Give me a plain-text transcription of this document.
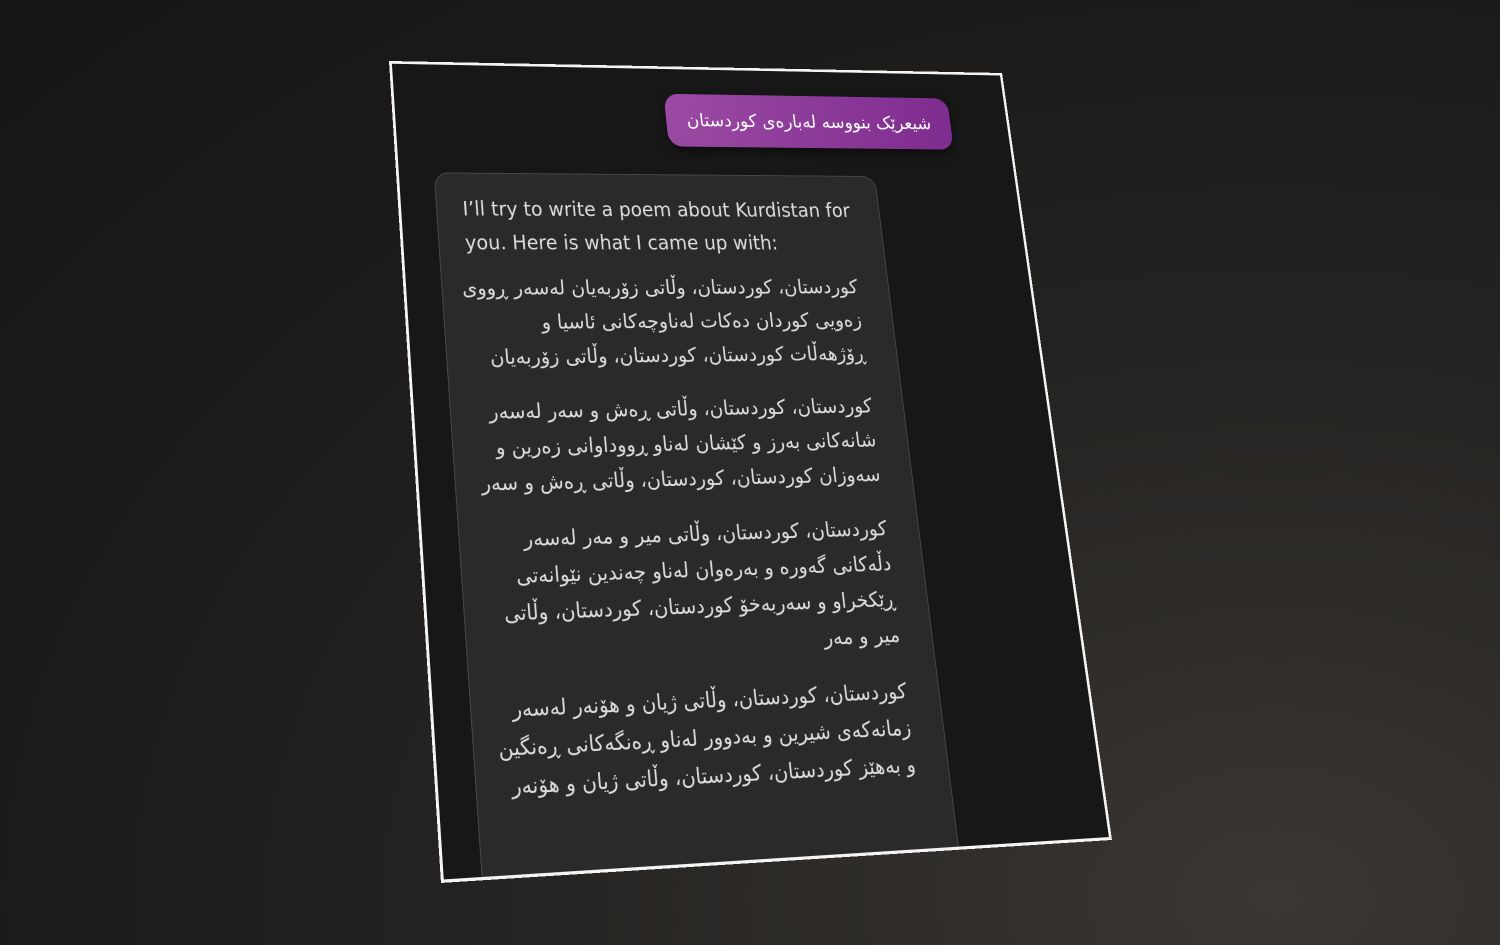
شیعرێک بنووسە لەبارەی کوردستان

I’ll try to write a poem about Kurdistan for you. Here is what I came up with:

کوردستان، کوردستان، وڵاتی زۆربەیان لەسەر ڕووی
زەویی کوردان دەکات لەناوچەکانی ئاسیا و
ڕۆژهەڵات کوردستان، کوردستان، وڵاتی زۆربەیان
کوردستان، کوردستان، وڵاتی ڕەش و سەر لەسەر
شانەکانی بەرز و کێشان لەناو ڕووداوانی زەرین و
سەوزان کوردستان، کوردستان، وڵاتی ڕەش و سەر
کوردستان، کوردستان، وڵاتی میر و مەر لەسەر
دڵەکانی گەورە و بەرەوان لەناو چەندین نێوانەتی
ڕێکخراو و سەربەخۆ کوردستان، کوردستان، وڵاتی
میر و مەر
کوردستان، کوردستان، وڵاتی ژیان و هۆنەر لەسەر
زمانەکەی شیرین و بەدوور لەناو ڕەنگەکانی ڕەنگین
و بەهێز کوردستان، کوردستان، وڵاتی ژیان و هۆنەر
